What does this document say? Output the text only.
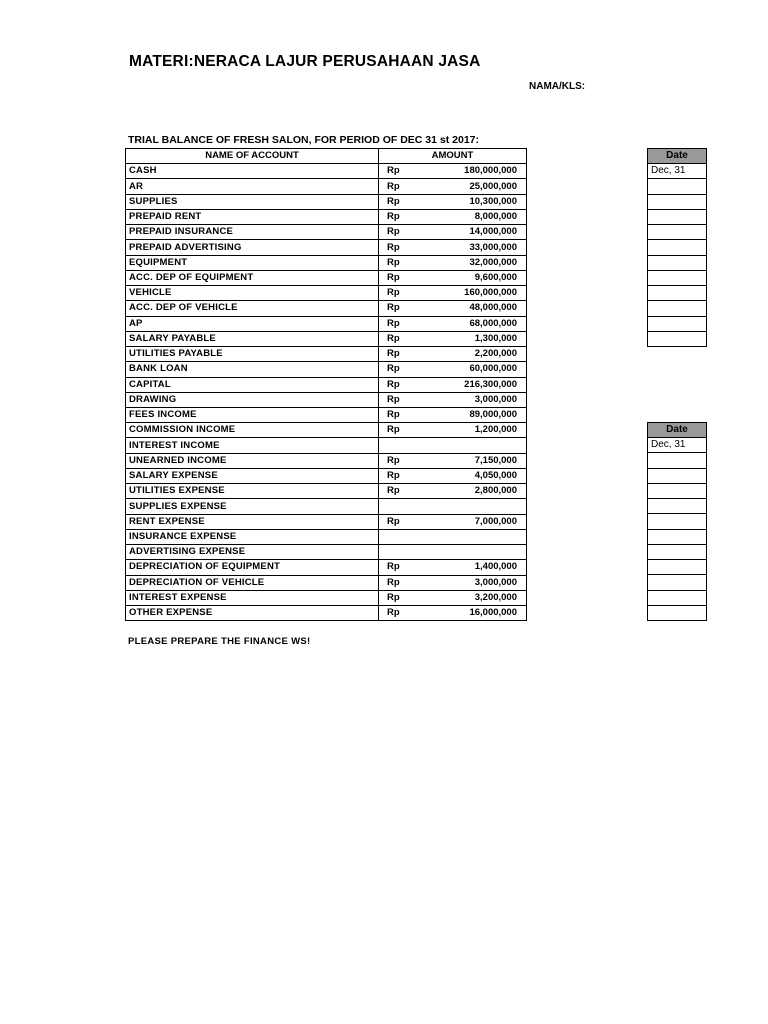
MATERI:NERACA LAJUR PERUSAHAAN JASA
NAMA/KLS:
TRIAL BALANCE OF FRESH SALON, FOR PERIOD OF DEC 31 st 2017:
NAME OF ACCOUNT	AMOUNT
CASH	Rp 180,000,000
AR	Rp 25,000,000
SUPPLIES	Rp 10,300,000
PREPAID RENT	Rp 8,000,000
PREPAID INSURANCE	Rp 14,000,000
PREPAID ADVERTISING	Rp 33,000,000
EQUIPMENT	Rp 32,000,000
ACC. DEP OF EQUIPMENT	Rp 9,600,000
VEHICLE	Rp 160,000,000
ACC. DEP OF VEHICLE	Rp 48,000,000
AP	Rp 68,000,000
SALARY PAYABLE	Rp 1,300,000
UTILITIES PAYABLE	Rp 2,200,000
BANK LOAN	Rp 60,000,000
CAPITAL	Rp 216,300,000
DRAWING	Rp 3,000,000
FEES INCOME	Rp 89,000,000
COMMISSION INCOME	Rp 1,200,000
INTEREST INCOME	
UNEARNED INCOME	Rp 7,150,000
SALARY EXPENSE	Rp 4,050,000
UTILITIES EXPENSE	Rp 2,800,000
SUPPLIES EXPENSE	
RENT EXPENSE	Rp 7,000,000
INSURANCE EXPENSE	
ADVERTISING EXPENSE	
DEPRECIATION OF EQUIPMENT	Rp 1,400,000
DEPRECIATION OF VEHICLE	Rp 3,000,000
INTEREST EXPENSE	Rp 3,200,000
OTHER EXPENSE	Rp 16,000,000
Date
Dec, 31

Date
Dec, 31

PLEASE PREPARE THE FINANCE WS!
